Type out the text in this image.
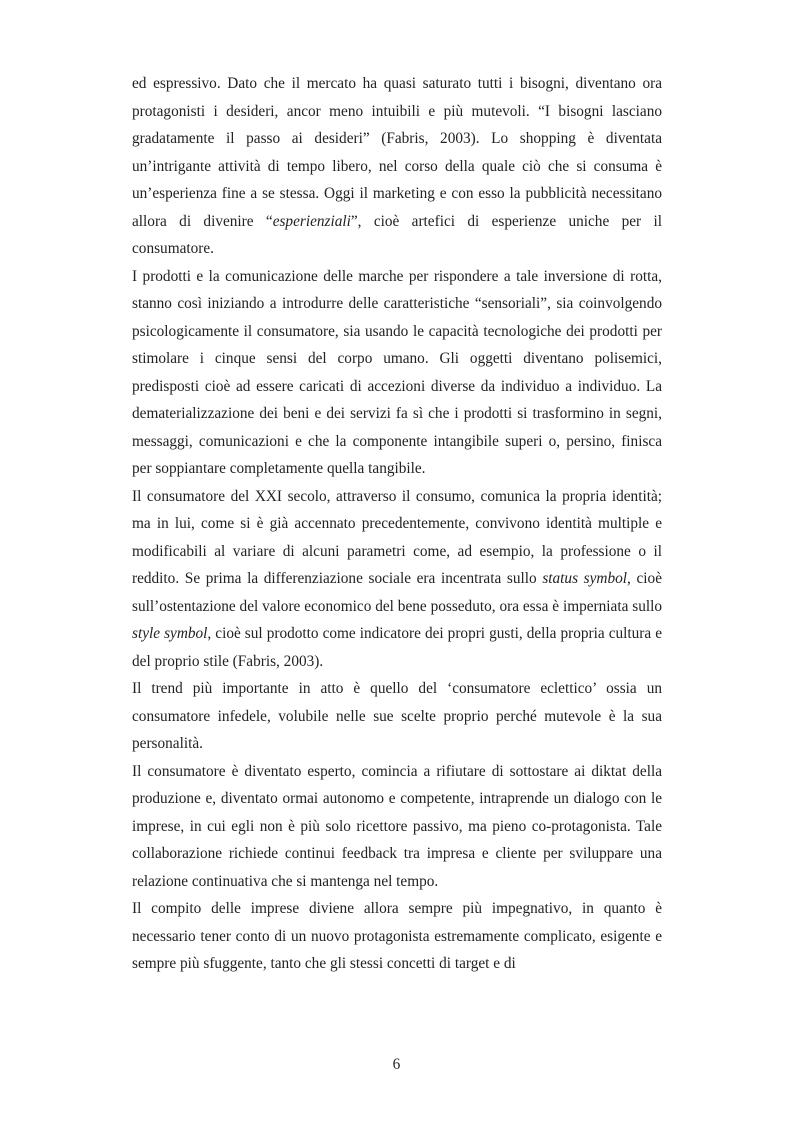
ed espressivo. Dato che il mercato ha quasi saturato tutti i bisogni, diventano ora protagonisti i desideri, ancor meno intuibili e più mutevoli. “I bisogni lasciano gradatamente il passo ai desideri” (Fabris, 2003). Lo shopping è diventata un’intrigante attività di tempo libero, nel corso della quale ciò che si consuma è un’esperienza fine a se stessa. Oggi il marketing e con esso la pubblicità necessitano allora di divenire “esperienziali”, cioè artefici di esperienze uniche per il consumatore.

I prodotti e la comunicazione delle marche per rispondere a tale inversione di rotta, stanno così iniziando a introdurre delle caratteristiche “sensoriali”, sia coinvolgendo psicologicamente il consumatore, sia usando le capacità tecnologiche dei prodotti per stimolare i cinque sensi del corpo umano. Gli oggetti diventano polisemici, predisposti cioè ad essere caricati di accezioni diverse da individuo a individuo. La dematerializzazione dei beni e dei servizi fa sì che i prodotti si trasformino in segni, messaggi, comunicazioni e che la componente intangibile superi o, persino, finisca per soppiantare completamente quella tangibile.

Il consumatore del XXI secolo, attraverso il consumo, comunica la propria identità; ma in lui, come si è già accennato precedentemente, convivono identità multiple e modificabili al variare di alcuni parametri come, ad esempio, la professione o il reddito. Se prima la differenziazione sociale era incentrata sullo status symbol, cioè sull’ostentazione del valore economico del bene posseduto, ora essa è imperniata sullo style symbol, cioè sul prodotto come indicatore dei propri gusti, della propria cultura e del proprio stile (Fabris, 2003).

Il trend più importante in atto è quello del ‘consumatore eclettico’ ossia un consumatore infedele, volubile nelle sue scelte proprio perché mutevole è la sua personalità.

Il consumatore è diventato esperto, comincia a rifiutare di sottostare ai diktat della produzione e, diventato ormai autonomo e competente, intraprende un dialogo con le imprese, in cui egli non è più solo ricettore passivo, ma pieno co-protagonista. Tale collaborazione richiede continui feedback tra impresa e cliente per sviluppare una relazione continuativa che si mantenga nel tempo.

Il compito delle imprese diviene allora sempre più impegnativo, in quanto è necessario tener conto di un nuovo protagonista estremamente complicato, esigente e sempre più sfuggente, tanto che gli stessi concetti di target e di

6
